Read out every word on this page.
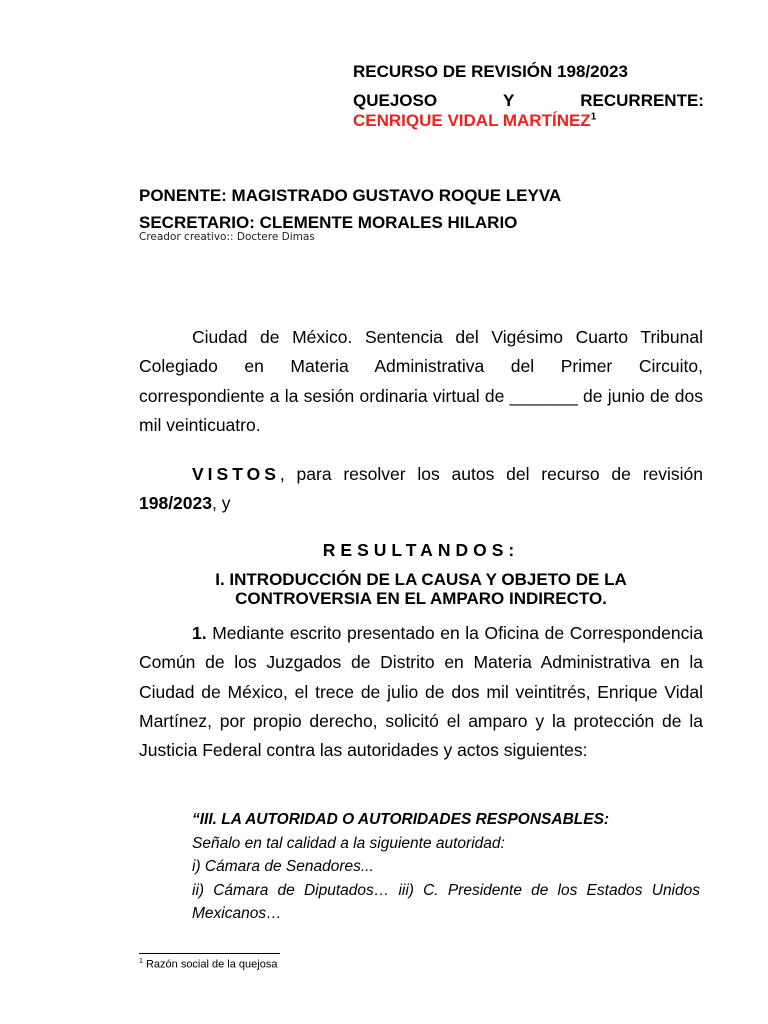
RECURSO DE REVISIÓN 198/2023
QUEJOSO	Y	RECURRENTE:
CENRIQUE VIDAL MARTÍNEZ$^1$
PONENTE: MAGISTRADO GUSTAVO ROQUE LEYVA
SECRETARIO: CLEMENTE MORALES HILARIO
Creador creativo:: Doctere Dimas
Ciudad de México. Sentencia del Vigésimo Cuarto Tribunal Colegiado en Materia Administrativa del Primer Circuito, correspondiente a la sesión ordinaria virtual de _______ de junio de dos mil veinticuatro.
VISTOS, para resolver los autos del recurso de revisión 198/2023, y
RESULTANDOS:
I. INTRODUCCIÓN DE LA CAUSA Y OBJETO DE LA
CONTROVERSIA EN EL AMPARO INDIRECTO.
1. Mediante escrito presentado en la Oficina de Correspondencia Común de los Juzgados de Distrito en Materia Administrativa en la Ciudad de México, el trece de julio de dos mil veintitrés, Enrique Vidal Martínez, por propio derecho, solicitó el amparo y la protección de la Justicia Federal contra las autoridades y actos siguientes:
“III. LA AUTORIDAD O AUTORIDADES RESPONSABLES:
Señalo en tal calidad a la siguiente autoridad:
i) Cámara de Senadores...
ii) Cámara de Diputados… iii) C. Presidente de los Estados Unidos Mexicanos…
$^1$ Razón social de la quejosa
